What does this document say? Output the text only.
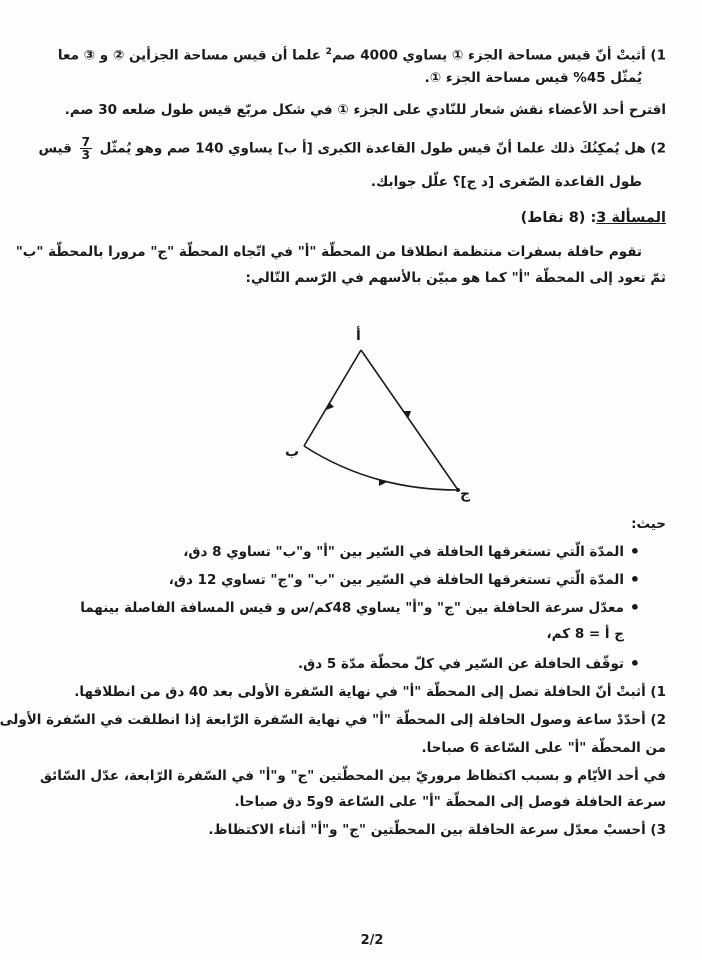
1) أثبتْ أنّ قيس مساحة الجزء ① يساوي 4000 صم$^2$ علما أن قيس مساحة الجزأين ② و ③ معا
يُمثّل 45% قيس مساحة الجزء ①.
اقترح أحد الأعضاء نقش شعار للنّادي على الجزء ① في شكل مربّع قيس طول ضلعه 30 صم.
2) هل يُمكِنُكَ ذلك علما أنّ قيس طول القاعدة الكبرى [أ ب] يساوي 140 صم وهو يُمثّل
$\frac{7}{3}$
قيس
طول القاعدة الصّغرى [د ج]؟ علّل جوابك.
المسألة 3: (8 نقاط)
تقوم حافلة بسفرات منتظمة انطلاقا من المحطّة "أ" في اتّجاه المحطّة "ج" مرورا بالمحطّة "ب"
ثمّ تعود إلى المحطّة "أ" كما هو مبيّن بالأسهم في الرّسم التّالي:
أ
ب
ج
حيث:
• المدّة الّتي تستغرقها الحافلة في السّير بين "أ" و"ب" تساوي 8 دق،
• المدّة الّتي تستغرقها الحافلة في السّير بين "ب" و"ج" تساوي 12 دق،
• معدّل سرعة الحافلة بين "ج" و"أ" يساوي 48كم/س و قيس المسافة الفاصلة بينهما
ج أ = 8 كم،
• توقّف الحافلة عن السّير في كلّ محطّة مدّة 5 دق.
1) أثبتْ أنّ الحافلة تصل إلى المحطّة "أ" في نهاية السّفرة الأولى بعد 40 دق من انطلاقها.
2) أحدّدْ ساعة وصول الحافلة إلى المحطّة "أ" في نهاية السّفرة الرّابعة إذا انطلقت في السّفرة الأولى
من المحطّة "أ" على السّاعة 6 صباحا.
في أحد الأيّام و بسبب اكتظاظ مروريّ بين المحطّتين "ج" و"أ" في السّفرة الرّابعة، عدّل السّائق
سرعة الحافلة فوصل إلى المحطّة "أ" على السّاعة 9و5 دق صباحا.
3) أحسبْ معدّل سرعة الحافلة بين المحطّتين "ج" و"أ" أثناء الاكتظاظ.
2/2
